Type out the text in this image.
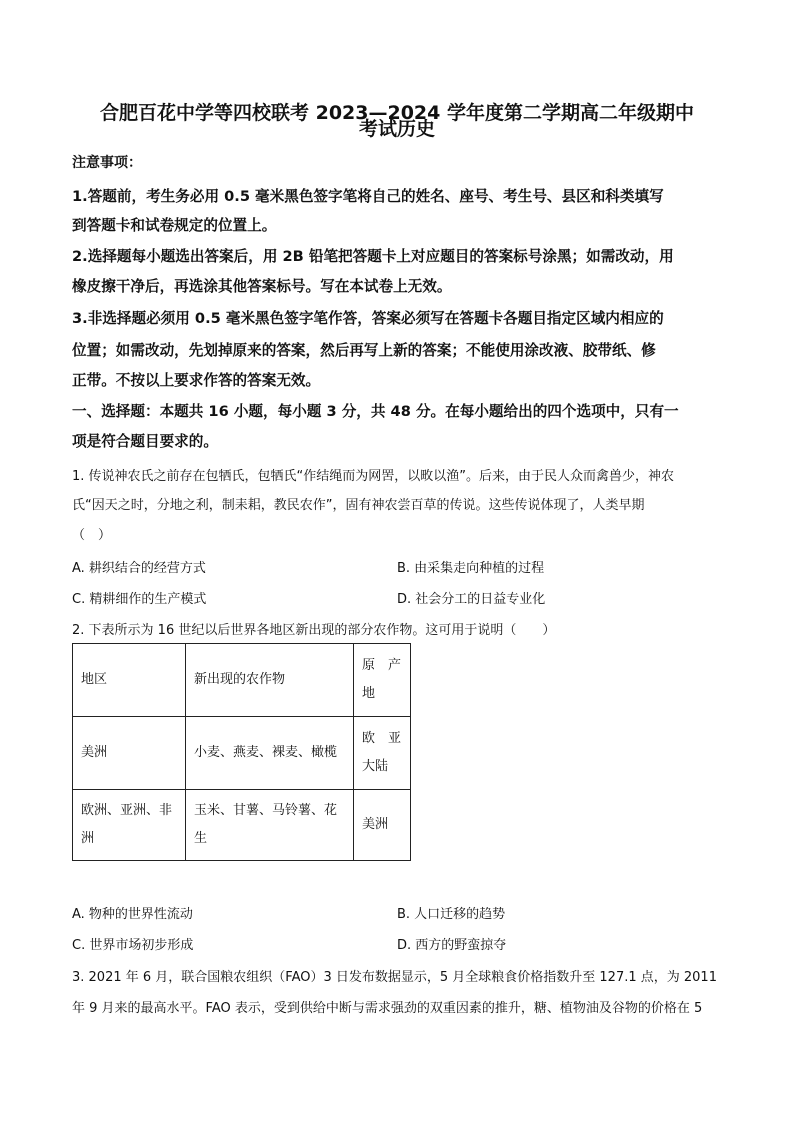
合肥百花中学等四校联考 2023—2024 学年度第二学期高二年级期中
考试历史
注意事项：
1.答题前，考生务必用 0.5 毫米黑色签字笔将自己的姓名、座号、考生号、县区和科类填写
到答题卡和试卷规定的位置上。
2.选择题每小题选出答案后，用 2B 铅笔把答题卡上对应题目的答案标号涂黑；如需改动，用
橡皮擦干净后，再选涂其他答案标号。写在本试卷上无效。
3.非选择题必须用 0.5 毫米黑色签字笔作答，答案必须写在答题卡各题目指定区域内相应的
位置；如需改动，先划掉原来的答案，然后再写上新的答案；不能使用涂改液、胶带纸、修
正带。不按以上要求作答的答案无效。
一、选择题：本题共 16 小题，每小题 3 分，共 48 分。在每小题给出的四个选项中，只有一
项是符合题目要求的。
1. 传说神农氏之前存在包牺氏，包牺氏“作结绳而为网罟，以畋以渔”。后来，由于民人众而禽兽少，神农
氏“因天之时，分地之利，制耒耜，教民农作”，固有神农尝百草的传说。这些传说体现了，人类早期
（　）
A. 耕织结合的经营方式	B. 由采集走向种植的过程
C. 精耕细作的生产模式	D. 社会分工的日益专业化
2. 下表所示为 16 世纪以后世界各地区新出现的部分农作物。这可用于说明（　　）
地区	新出现的农作物	原　产地
美洲	小麦、燕麦、裸麦、橄榄	欧　亚大陆
欧洲、亚洲、非洲	玉米、甘薯、马铃薯、花生	美洲
A. 物种的世界性流动	B. 人口迁移的趋势
C. 世界市场初步形成	D. 西方的野蛮掠夺
3. 2021 年 6 月，联合国粮农组织（FAO）3 日发布数据显示，5 月全球粮食价格指数升至 127.1 点，为 2011
年 9 月来的最高水平。FAO 表示，受到供给中断与需求强劲的双重因素的推升，糖、植物油及谷物的价格在 5
